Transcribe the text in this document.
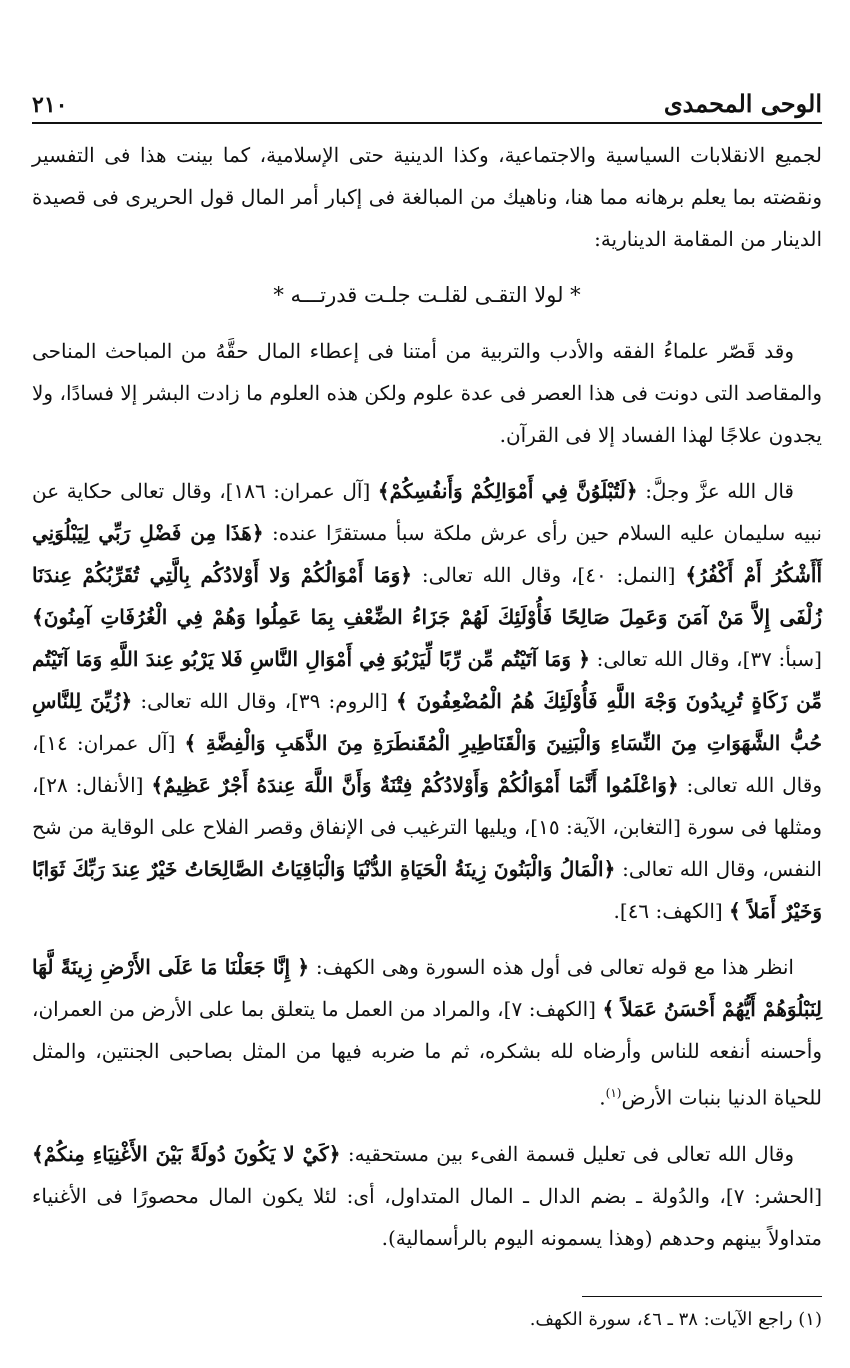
الوحى المحمدى
٢١٠

لجميع الانقلابات السياسية والاجتماعية، وكذا الدينية حتى الإسلامية، كما بينت هذا فى التفسير ونقضته بما يعلم برهانه مما هنا، وناهيك من المبالغة فى إكبار أمر المال قول الحريرى فى قصيدة الدينار من المقامة الدينارية:

* لولا التقـى لقلـت جلـت قدرتـــه *

وقد قَصّر علماءُ الفقه والأدب والتربية من أمتنا فى إعطاء المال حقَّهُ من المباحث المناحى والمقاصد التى دونت فى هذا العصر فى عدة علوم ولكن هذه العلوم ما زادت البشر إلا فسادًا، ولا يجدون علاجًا لهذا الفساد إلا فى القرآن.

قال الله عزَّ وجلَّ: ﴿لَتُبْلَوُنَّ فِي أَمْوَالِكُمْ وَأَنفُسِكُمْ﴾ [آل عمران: ١٨٦]، وقال تعالى حكاية عن نبيه سليمان عليه السلام حين رأى عرش ملكة سبأ مستقرًا عنده: ﴿هَذَا مِن فَضْلِ رَبِّي لِيَبْلُوَنِي أَأَشْكُرُ أَمْ أَكْفُرُ﴾ [النمل: ٤٠]، وقال الله تعالى: ﴿وَمَا أَمْوَالُكُمْ وَلا أَوْلادُكُم بِالَّتِي تُقَرِّبُكُمْ عِندَنَا زُلْفَى إِلاَّ مَنْ آمَنَ وَعَمِلَ صَالِحًا فَأُوْلَئِكَ لَهُمْ جَزَاءُ الضِّعْفِ بِمَا عَمِلُوا وَهُمْ فِي الْغُرُفَاتِ آمِنُونَ﴾ [سبأ: ٣٧]، وقال الله تعالى: ﴿ وَمَا آتَيْتُم مِّن رِّبًا لِّيَرْبُوَ فِي أَمْوَالِ النَّاسِ فَلا يَرْبُو عِندَ اللَّهِ وَمَا آتَيْتُم مِّن زَكَاةٍ تُرِيدُونَ وَجْهَ اللَّهِ فَأُوْلَئِكَ هُمُ الْمُضْعِفُونَ ﴾ [الروم: ٣٩]، وقال الله تعالى: ﴿زُيِّنَ لِلنَّاسِ حُبُّ الشَّهَوَاتِ مِنَ النِّسَاءِ وَالْبَنِينَ وَالْقَنَاطِيرِ الْمُقَنطَرَةِ مِنَ الذَّهَبِ وَالْفِضَّةِ ﴾ [آل عمران: ١٤]، وقال الله تعالى: ﴿وَاعْلَمُوا أَنَّمَا أَمْوَالُكُمْ وَأَوْلادُكُمْ فِتْنَةٌ وَأَنَّ اللَّهَ عِندَهُ أَجْرٌ عَظِيمٌ﴾ [الأنفال: ٢٨]، ومثلها فى سورة [التغابن، الآية: ١٥]، ويليها الترغيب فى الإنفاق وقصر الفلاح على الوقاية من شح النفس، وقال الله تعالى: ﴿الْمَالُ وَالْبَنُونَ زِينَةُ الْحَيَاةِ الدُّنْيَا وَالْبَاقِيَاتُ الصَّالِحَاتُ خَيْرٌ عِندَ رَبِّكَ ثَوَابًا وَخَيْرٌ أَمَلاً ﴾ [الكهف: ٤٦].

انظر هذا مع قوله تعالى فى أول هذه السورة وهى الكهف: ﴿ إِنَّا جَعَلْنَا مَا عَلَى الأَرْضِ زِينَةً لَّهَا لِنَبْلُوَهُمْ أَيُّهُمْ أَحْسَنُ عَمَلاً ﴾ [الكهف: ٧]، والمراد من العمل ما يتعلق بما على الأرض من العمران، وأحسنه أنفعه للناس وأرضاه لله بشكره، ثم ما ضربه فيها من المثل بصاحبى الجنتين، والمثل للحياة الدنيا بنبات الأرض$^{(١)}$.

وقال الله تعالى فى تعليل قسمة الفىء بين مستحقيه: ﴿كَيْ لا يَكُونَ دُولَةً بَيْنَ الأَغْنِيَاءِ مِنكُمْ﴾ [الحشر: ٧]، والدُولة ـ بضم الدال ـ المال المتداول، أى: لئلا يكون المال محصورًا فى الأغنياء متداولاً بينهم وحدهم (وهذا يسمونه اليوم بالرأسمالية).

(١) راجع الآيات: ٣٨ ـ ٤٦، سورة الكهف.
